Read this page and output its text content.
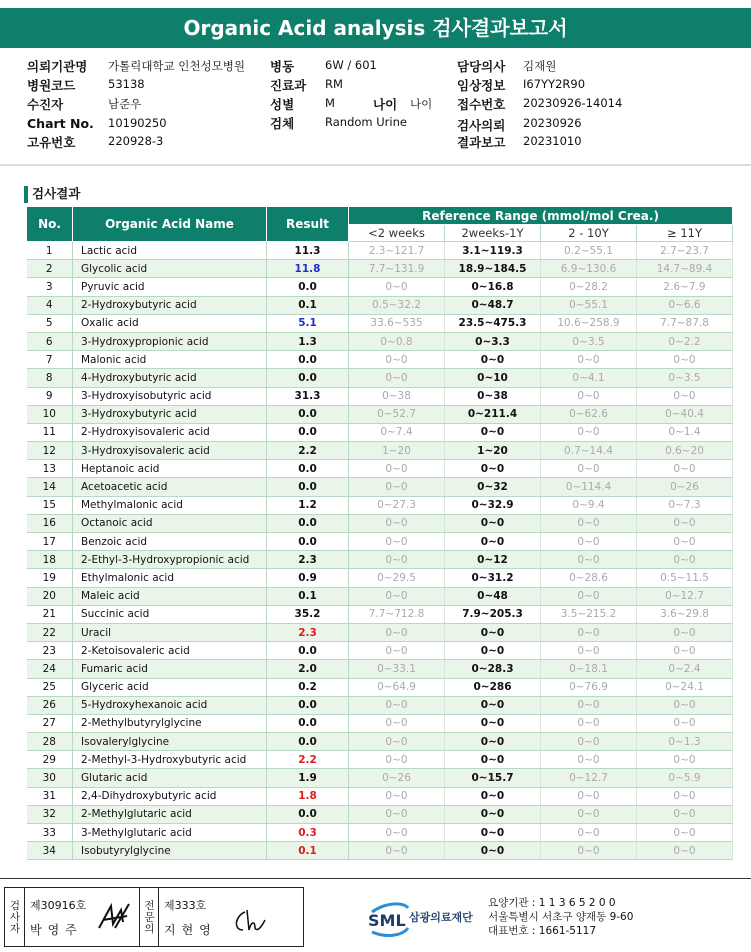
Organic Acid analysis 검사결과보고서
의뢰기관명 가톨릭대학교 인천성모병원
병원코드	53138
수진자	남준우
Chart No. 10190250
고유번호	220928-3
병동	6W / 601
진료과 RM
성별	M	나이 나이
검체	Random Urine
담당의사 김재원
임상정보 I67YY2R90
접수번호 20230926-14014
검사의뢰 20230926
결과보고 20231010
검사결과
No.	Organic Acid Name	Result	Reference Range (mmol/mol Crea.)			
			<2 weeks	2weeks-1Y	2 - 10Y	≥ 11Y
1	Lactic acid	11.3	2.3~121.7	3.1~119.3	0.2~55.1	2.7~23.7
2	Glycolic acid	11.8	7.7~131.9	18.9~184.5	6.9~130.6	14.7~89.4
3	Pyruvic acid	0.0	0~0	0~16.8	0~28.2	2.6~7.9
4	2-Hydroxybutyric acid	0.1	0.5~32.2	0~48.7	0~55.1	0~6.6
5	Oxalic acid	5.1	33.6~535	23.5~475.3	10.6~258.9	7.7~87.8
6	3-Hydroxypropionic acid	1.3	0~0.8	0~3.3	0~3.5	0~2.2
7	Malonic acid	0.0	0~0	0~0	0~0	0~0
8	4-Hydroxybutyric acid	0.0	0~0	0~10	0~4.1	0~3.5
9	3-Hydroxyisobutyric acid	31.3	0~38	0~38	0~0	0~0
10	3-Hydroxybutyric acid	0.0	0~52.7	0~211.4	0~62.6	0~40.4
11	2-Hydroxyisovaleric acid	0.0	0~7.4	0~0	0~0	0~1.4
12	3-Hydroxyisovaleric acid	2.2	1~20	1~20	0.7~14.4	0.6~20
13	Heptanoic acid	0.0	0~0	0~0	0~0	0~0
14	Acetoacetic acid	0.0	0~0	0~32	0~114.4	0~26
15	Methylmalonic acid	1.2	0~27.3	0~32.9	0~9.4	0~7.3
16	Octanoic acid	0.0	0~0	0~0	0~0	0~0
17	Benzoic acid	0.0	0~0	0~0	0~0	0~0
18	2-Ethyl-3-Hydroxypropionic acid	2.3	0~0	0~12	0~0	0~0
19	Ethylmalonic acid	0.9	0~29.5	0~31.2	0~28.6	0.5~11.5
20	Maleic acid	0.1	0~0	0~48	0~0	0~12.7
21	Succinic acid	35.2	7.7~712.8	7.9~205.3	3.5~215.2	3.6~29.8
22	Uracil	2.3	0~0	0~0	0~0	0~0
23	2-Ketoisovaleric acid	0.0	0~0	0~0	0~0	0~0
24	Fumaric acid	2.0	0~33.1	0~28.3	0~18.1	0~2.4
25	Glyceric acid	0.2	0~64.9	0~286	0~76.9	0~24.1
26	5-Hydroxyhexanoic acid	0.0	0~0	0~0	0~0	0~0
27	2-Methylbutyrylglycine	0.0	0~0	0~0	0~0	0~0
28	Isovalerylglycine	0.0	0~0	0~0	0~0	0~1.3
29	2-Methyl-3-Hydroxybutyric acid	2.2	0~0	0~0	0~0	0~0
30	Glutaric acid	1.9	0~26	0~15.7	0~12.7	0~5.9
31	2,4-Dihydroxybutyric acid	1.8	0~0	0~0	0~0	0~0
32	2-Methylglutaric acid	0.0	0~0	0~0	0~0	0~0
33	3-Methylglutaric acid	0.3	0~0	0~0	0~0	0~0
34	Isobutyrylglycine	0.1	0~0	0~0	0~0	0~0
검사자 제30916호
박영주	전문의 제333호
지현영	SML 삼광의료재단
요양기관 : 1 1 3 6 5 2 0 0
서울특별시 서초구 양재동 9-60
대표번호 : 1661-5117
